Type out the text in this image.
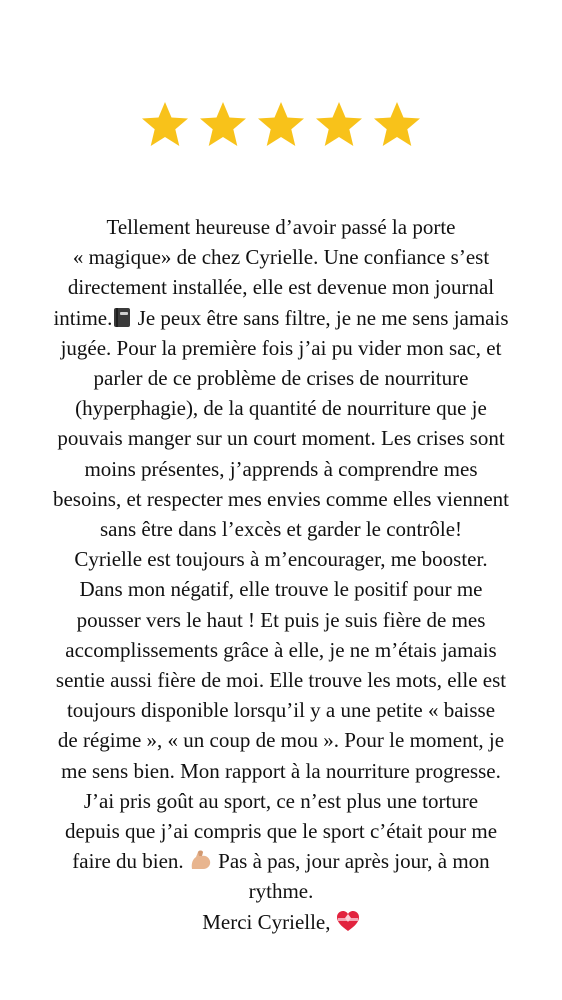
Tellement heureuse d’avoir passé la porte
« magique» de chez Cyrielle. Une confiance s’est
directement installée, elle est devenue mon journal
intime. Je peux être sans filtre, je ne me sens jamais
jugée. Pour la première fois j’ai pu vider mon sac, et
parler de ce problème de crises de nourriture
(hyperphagie), de la quantité de nourriture que je
pouvais manger sur un court moment. Les crises sont
moins présentes, j’apprends à comprendre mes
besoins, et respecter mes envies comme elles viennent
sans être dans l’excès et garder le contrôle!
Cyrielle est toujours à m’encourager, me booster.
Dans mon négatif, elle trouve le positif pour me
pousser vers le haut ! Et puis je suis fière de mes
accomplissements grâce à elle, je ne m’étais jamais
sentie aussi fière de moi. Elle trouve les mots, elle est
toujours disponible lorsqu’il y a une petite « baisse
de régime », « un coup de mou ». Pour le moment, je
me sens bien. Mon rapport à la nourriture progresse.
J’ai pris goût au sport, ce n’est plus une torture
depuis que j’ai compris que le sport c’était pour me
faire du bien.  Pas à pas, jour après jour, à mon
rythme.
Merci Cyrielle,
